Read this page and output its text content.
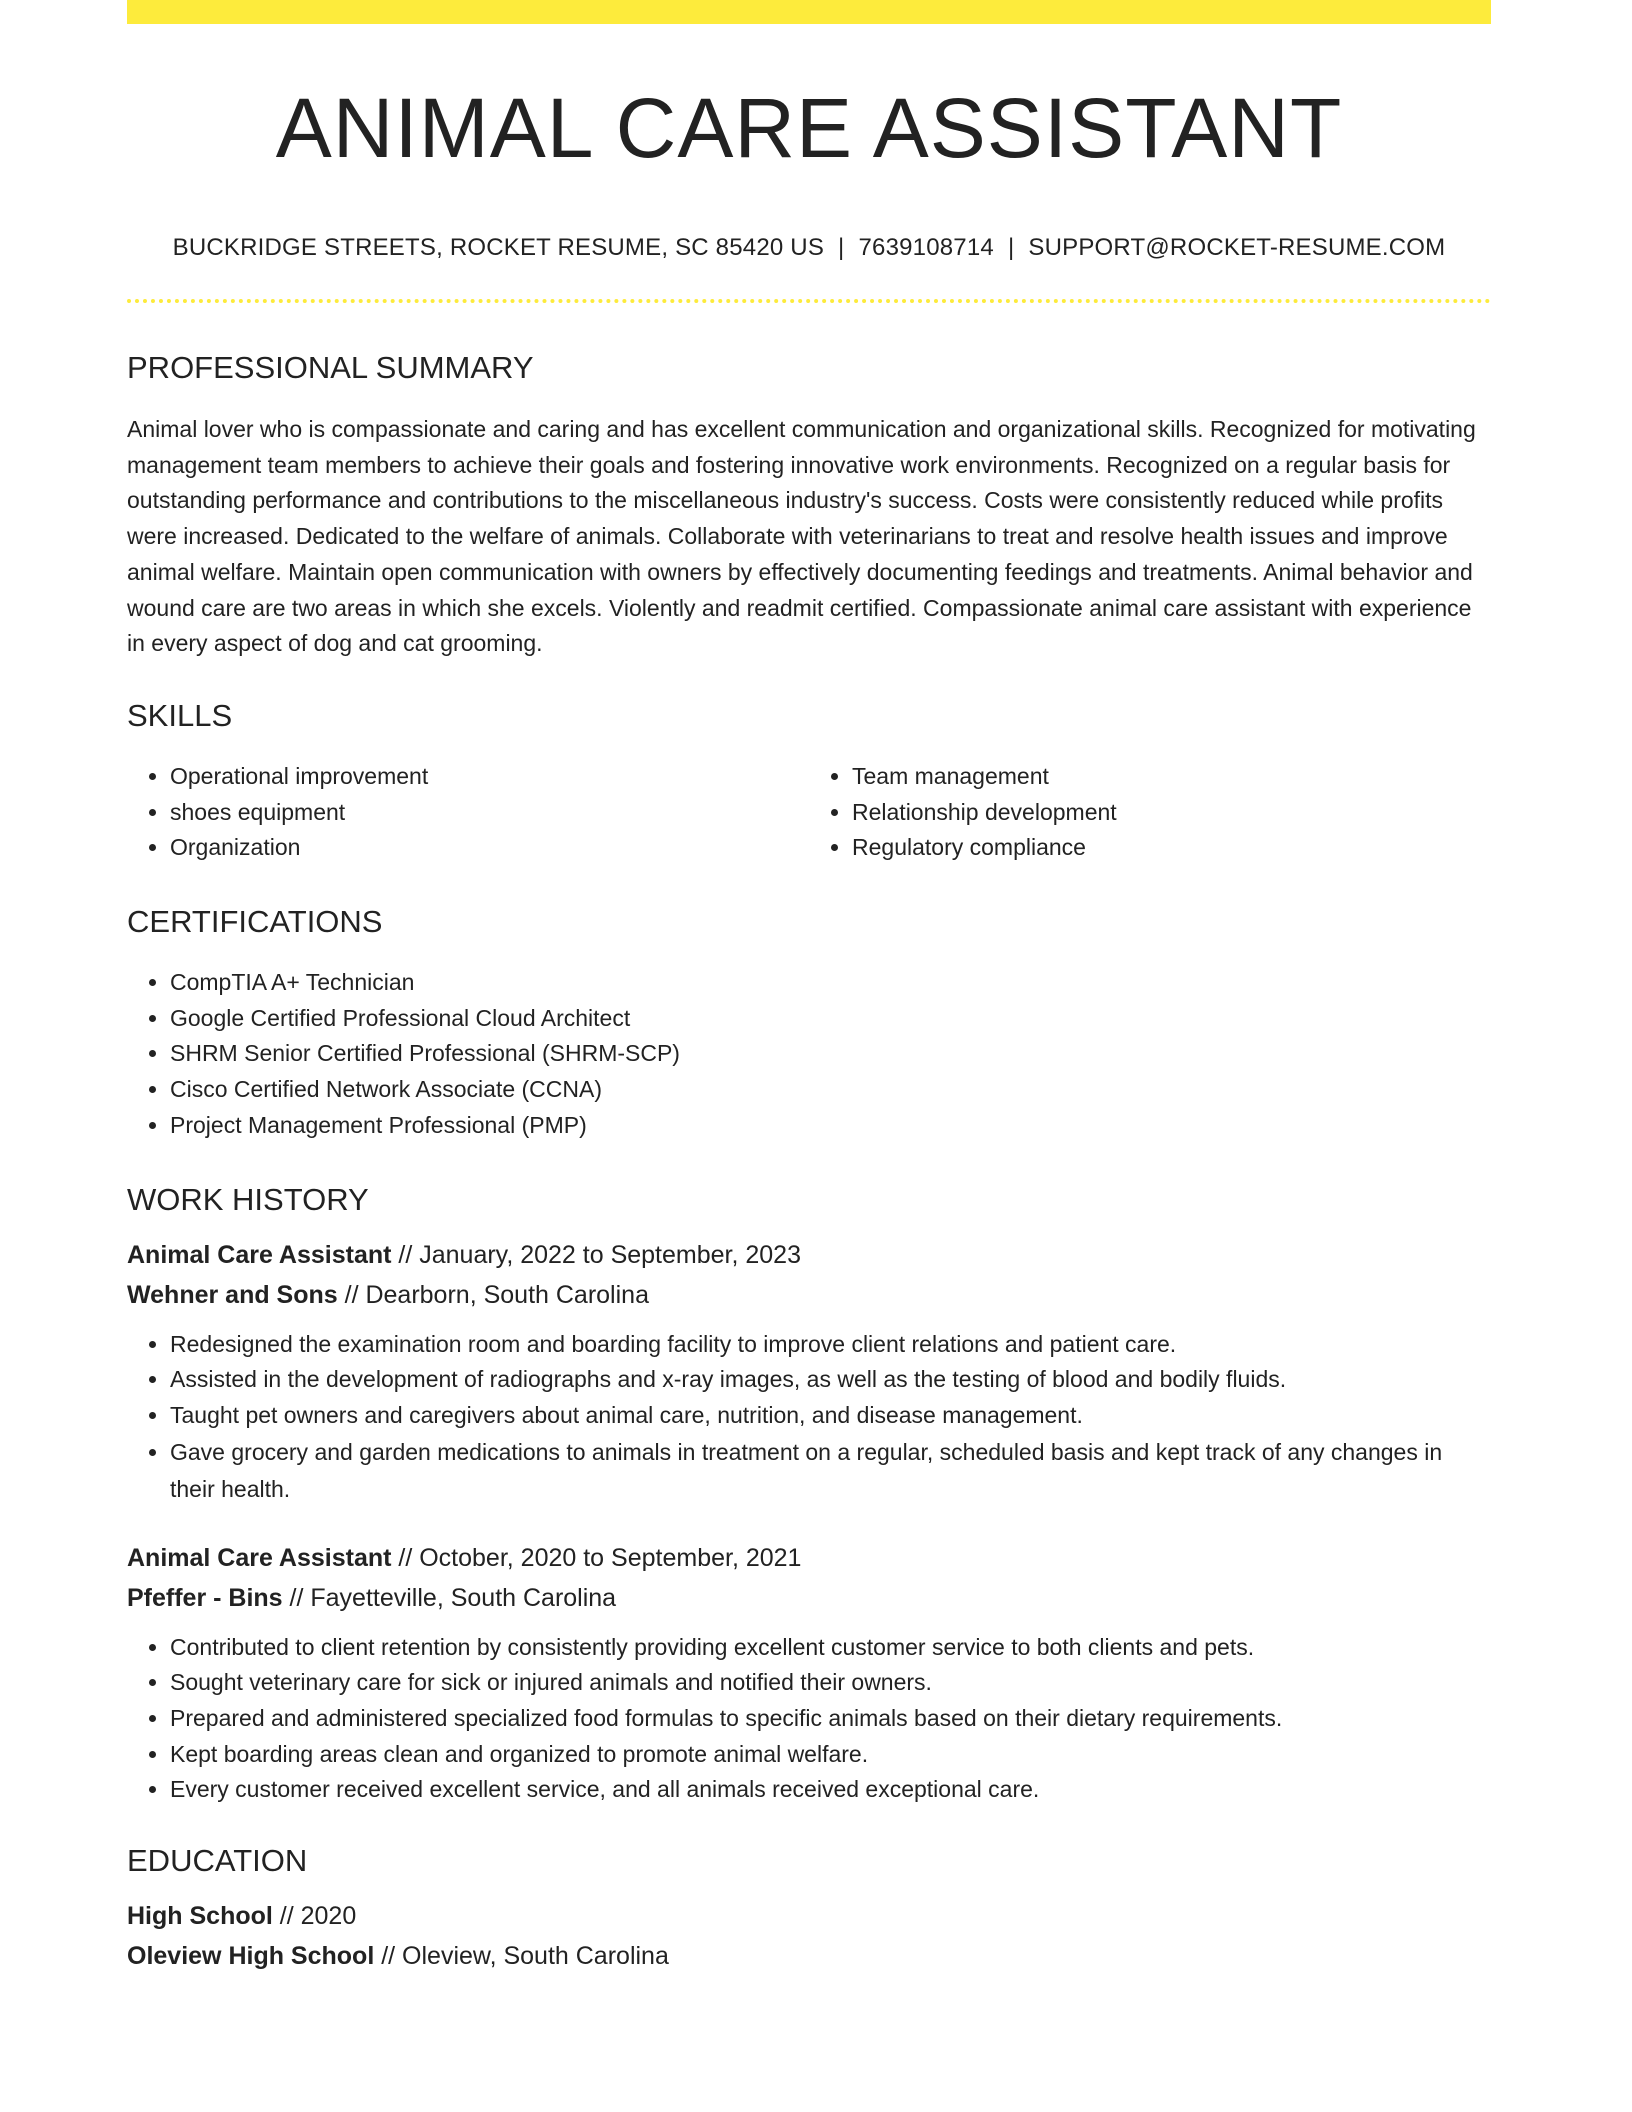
ANIMAL CARE ASSISTANT
BUCKRIDGE STREETS, ROCKET RESUME, SC 85420 US | 7639108714 | SUPPORT@ROCKET-RESUME.COM
PROFESSIONAL SUMMARY
Animal lover who is compassionate and caring and has excellent communication and organizational skills. Recognized for motivating management team members to achieve their goals and fostering innovative work environments. Recognized on a regular basis for outstanding performance and contributions to the miscellaneous industry's success. Costs were consistently reduced while profits were increased. Dedicated to the welfare of animals. Collaborate with veterinarians to treat and resolve health issues and improve animal welfare. Maintain open communication with owners by effectively documenting feedings and treatments. Animal behavior and wound care are two areas in which she excels. Violently and readmit certified. Compassionate animal care assistant with experience in every aspect of dog and cat grooming.
SKILLS
• Operational improvement
• shoes equipment
• Organization
• Team management
• Relationship development
• Regulatory compliance
CERTIFICATIONS
• CompTIA A+ Technician
• Google Certified Professional Cloud Architect
• SHRM Senior Certified Professional (SHRM-SCP)
• Cisco Certified Network Associate (CCNA)
• Project Management Professional (PMP)
WORK HISTORY
Animal Care Assistant // January, 2022 to September, 2023
Wehner and Sons // Dearborn, South Carolina
• Redesigned the examination room and boarding facility to improve client relations and patient care.
• Assisted in the development of radiographs and x-ray images, as well as the testing of blood and bodily fluids.
• Taught pet owners and caregivers about animal care, nutrition, and disease management.
• Gave grocery and garden medications to animals in treatment on a regular, scheduled basis and kept track of any changes in their health.
Animal Care Assistant // October, 2020 to September, 2021
Pfeffer - Bins // Fayetteville, South Carolina
• Contributed to client retention by consistently providing excellent customer service to both clients and pets.
• Sought veterinary care for sick or injured animals and notified their owners.
• Prepared and administered specialized food formulas to specific animals based on their dietary requirements.
• Kept boarding areas clean and organized to promote animal welfare.
• Every customer received excellent service, and all animals received exceptional care.
EDUCATION
High School // 2020
Oleview High School // Oleview, South Carolina
